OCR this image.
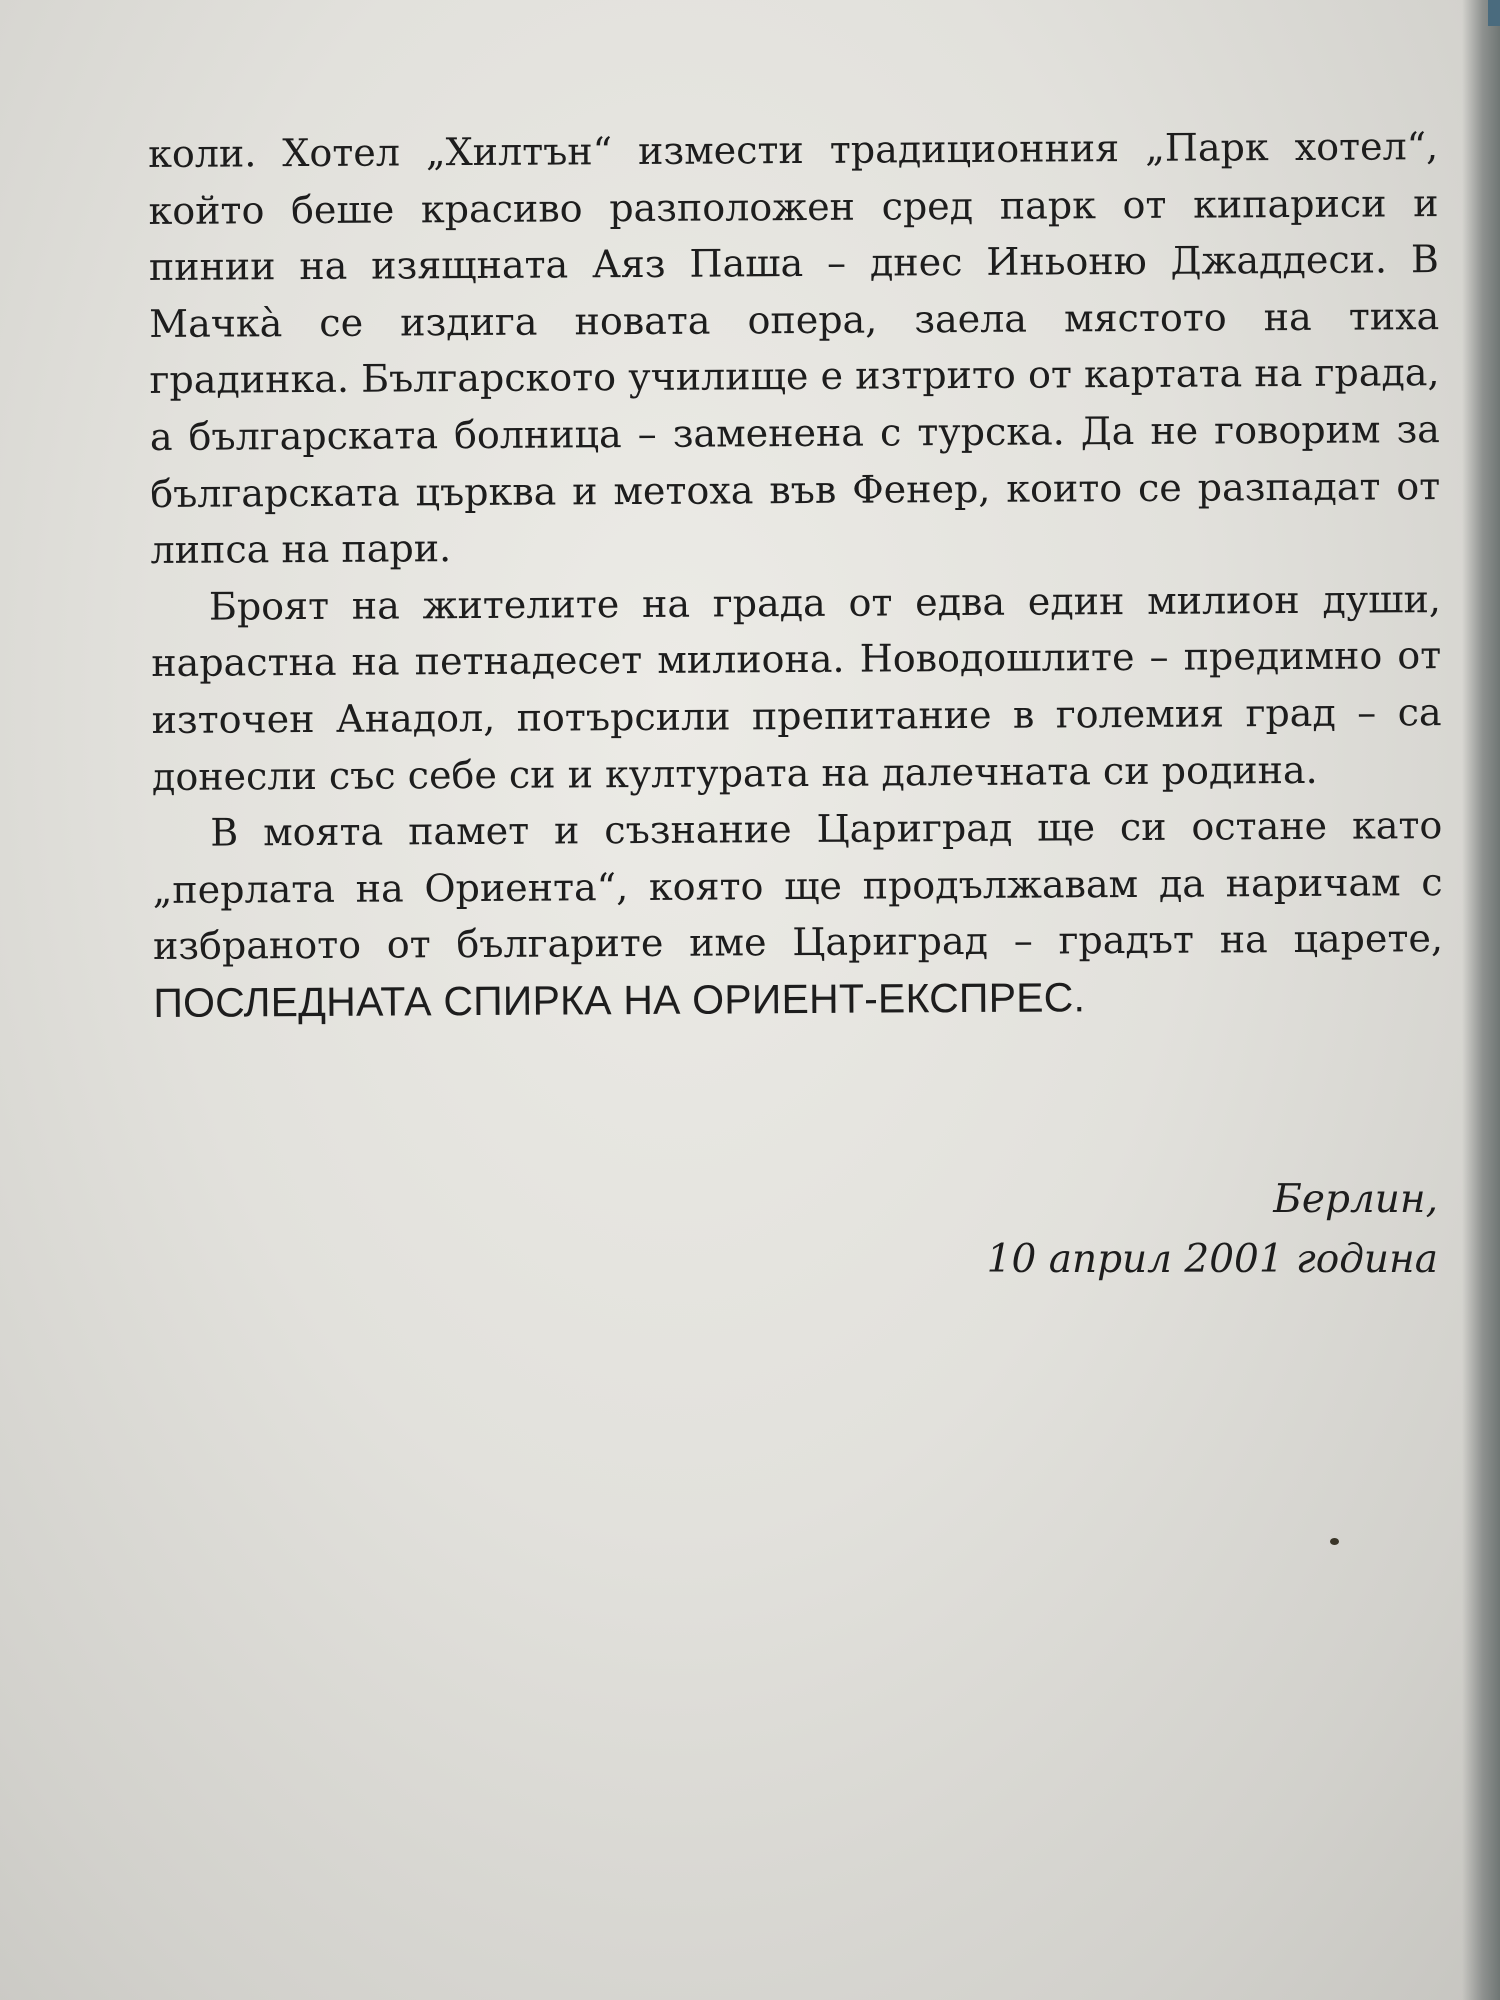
коли. Хотел „Хилтън“ измести традиционния „Парк хотел“, който беше красиво разположен сред парк от кипариси и пинии на изящната Аяз Паша – днес Иньоню Джаддеси. В Мачкà се издига новата опера, заела мястото на тиха градинка. Българското училище е изтрито от картата на града, а българската болница – заменена с турска. Да не говорим за българската църква и метоха във Фенер, които се разпадат от липса на пари.

Броят на жителите на града от едва един милион души, нарастна на петнадесет милиона. Новодошлите – предимно от източен Анадол, потърсили препитание в големия град – са донесли със себе си и културата на далечната си родина.

В моята памет и съзнание Цариград ще си остане като „перлата на Ориента“, която ще продължавам да наричам с избраното от българите име Цариград – градът на царете, ПОСЛЕДНАТА СПИРКА НА ОРИЕНТ-ЕКСПРЕС.

Берлин,
10 април 2001 година
